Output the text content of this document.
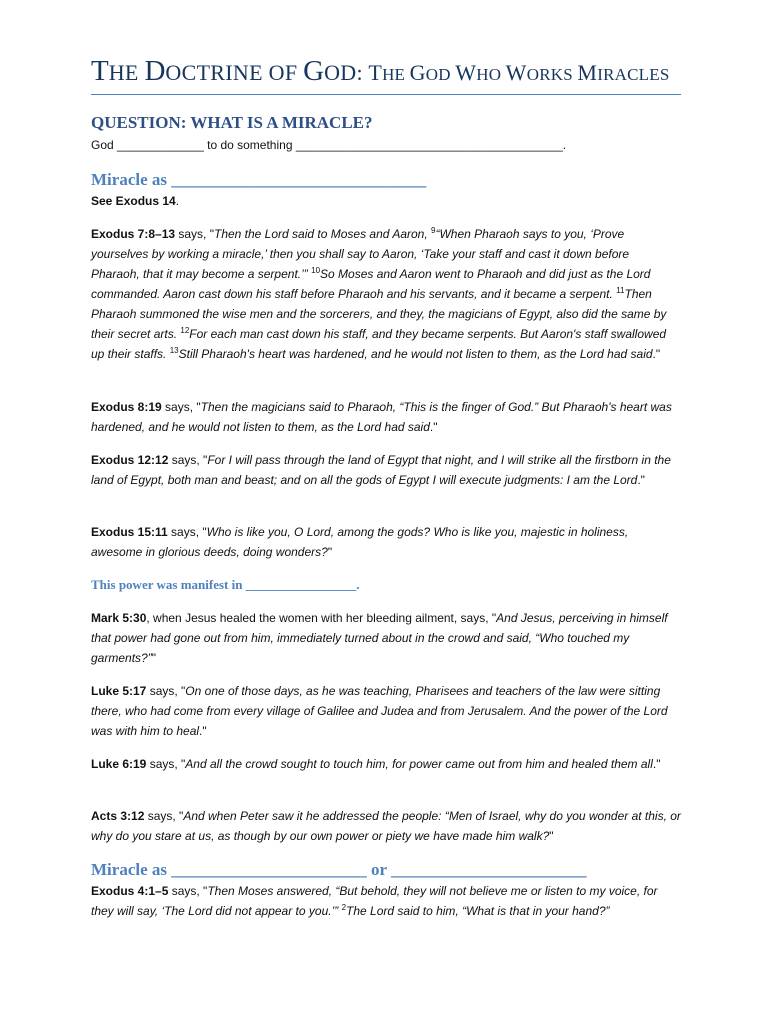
THE DOCTRINE OF GOD: THE GOD WHO WORKS MIRACLES
QUESTION: WHAT IS A MIRACLE?
God _____________ to do something ________________________________________.
Miracle as ______________________________
See Exodus 14.
Exodus 7:8–13 says, "Then the Lord said to Moses and Aaron, $^9$“When Pharaoh says to you, ‘Prove yourselves by working a miracle,’ then you shall say to Aaron, ‘Take your staff and cast it down before Pharaoh, that it may become a serpent.’” $^{10}$So Moses and Aaron went to Pharaoh and did just as the Lord commanded. Aaron cast down his staff before Pharaoh and his servants, and it became a serpent. $^{11}$Then Pharaoh summoned the wise men and the sorcerers, and they, the magicians of Egypt, also did the same by their secret arts. $^{12}$For each man cast down his staff, and they became serpents. But Aaron's staff swallowed up their staffs. $^{13}$Still Pharaoh's heart was hardened, and he would not listen to them, as the Lord had said."
Exodus 8:19 says, "Then the magicians said to Pharaoh, “This is the finger of God.” But Pharaoh's heart was hardened, and he would not listen to them, as the Lord had said."
Exodus 12:12 says, "For I will pass through the land of Egypt that night, and I will strike all the firstborn in the land of Egypt, both man and beast; and on all the gods of Egypt I will execute judgments: I am the Lord."
Exodus 15:11 says, "Who is like you, O Lord, among the gods? Who is like you, majestic in holiness, awesome in glorious deeds, doing wonders?"
This power was manifest in _________________.
Mark 5:30, when Jesus healed the women with her bleeding ailment, says, "And Jesus, perceiving in himself that power had gone out from him, immediately turned about in the crowd and said, “Who touched my garments?”"
Luke 5:17 says, "On one of those days, as he was teaching, Pharisees and teachers of the law were sitting there, who had come from every village of Galilee and Judea and from Jerusalem. And the power of the Lord was with him to heal."
Luke 6:19 says, "And all the crowd sought to touch him, for power came out from him and healed them all."
Acts 3:12 says, "And when Peter saw it he addressed the people: “Men of Israel, why do you wonder at this, or why do you stare at us, as though by our own power or piety we have made him walk?"
Miracle as _______________________ or _______________________
Exodus 4:1–5 says, "Then Moses answered, “But behold, they will not believe me or listen to my voice, for they will say, ‘The Lord did not appear to you.’” $^2$The Lord said to him, “What is that in your hand?”
